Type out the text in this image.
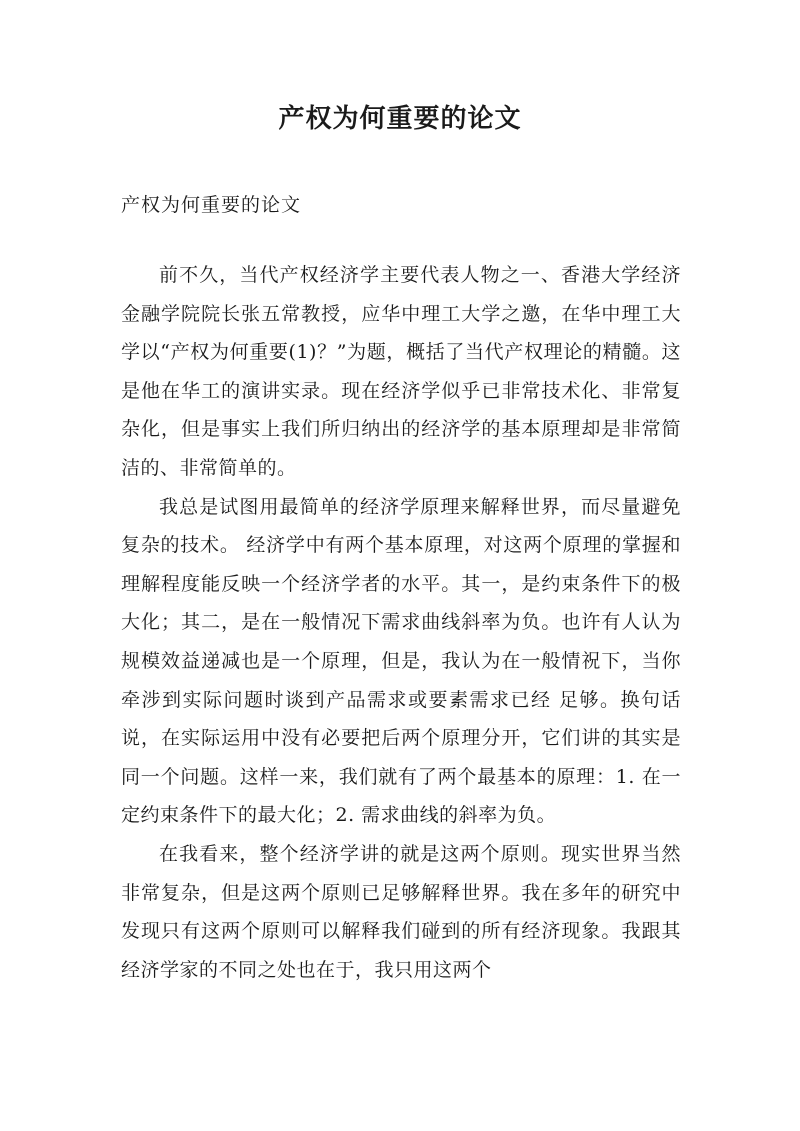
产权为何重要的论文

产权为何重要的论文

前不久，当代产权经济学主要代表人物之一、香港大学经济金融学院院长张五常教授，应华中理工大学之邀，在华中理工大学以“产权为何重要(1)？”为题，概括了当代产权理论的精髓。这是他在华工的演讲实录。现在经济学似乎已非常技术化、非常复杂化，但是事实上我们所归纳出的经济学的基本原理却是非常简洁的、非常简单的。

我总是试图用最简单的经济学原理来解释世界，而尽量避免复杂的技术。 经济学中有两个基本原理，对这两个原理的掌握和理解程度能反映一个经济学者的水平。其一，是约束条件下的极大化；其二，是在一般情况下需求曲线斜率为负。也许有人认为规模效益递减也是一个原理，但是，我认为在一般情祝下，当你牵涉到实际问题时谈到产品需求或要素需求已经 足够。换句话说，在实际运用中没有必要把后两个原理分开，它们讲的其实是同一个问题。这样一来，我们就有了两个最基本的原理：1. 在一定约束条件下的最大化；2. 需求曲线的斜率为负。

在我看来，整个经济学讲的就是这两个原则。现实世界当然非常复杂，但是这两个原则已足够解释世界。我在多年的研究中发现只有这两个原则可以解释我们碰到的所有经济现象。我跟其经济学家的不同之处也在于，我只用这两个
